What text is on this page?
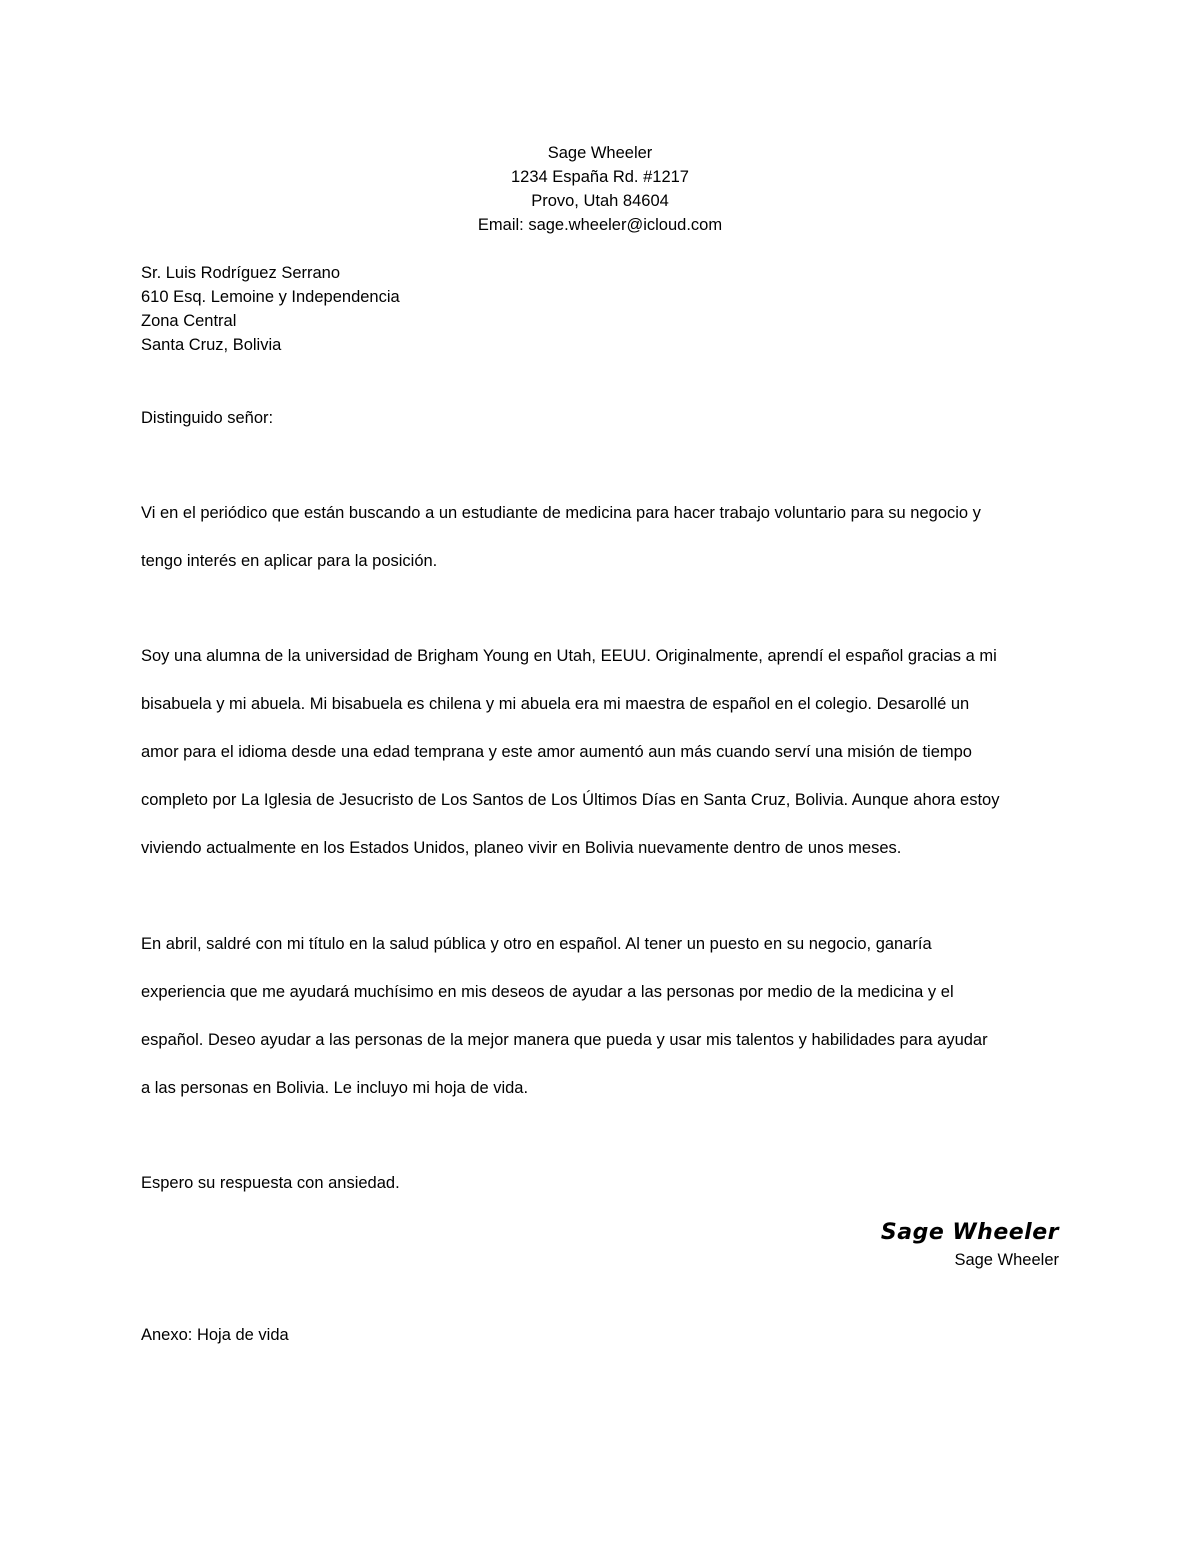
Sage Wheeler
1234 España Rd. #1217
Provo, Utah 84604
Email: sage.wheeler@icloud.com
Sr. Luis Rodríguez Serrano
610 Esq. Lemoine y Independencia
Zona Central
Santa Cruz, Bolivia
Distinguido señor:
Vi en el periódico que están buscando a un estudiante de medicina para hacer trabajo voluntario para su negocio y
tengo interés en aplicar para la posición.
Soy una alumna de la universidad de Brigham Young en Utah, EEUU. Originalmente, aprendí el español gracias a mi
bisabuela y mi abuela. Mi bisabuela es chilena y mi abuela era mi maestra de español en el colegio. Desarollé un
amor para el idioma desde una edad temprana y este amor aumentó aun más cuando serví una misión de tiempo
completo por La Iglesia de Jesucristo de Los Santos de Los Últimos Días en Santa Cruz, Bolivia. Aunque ahora estoy
viviendo actualmente en los Estados Unidos, planeo vivir en Bolivia nuevamente dentro de unos meses.
En abril, saldré con mi título en la salud pública y otro en español. Al tener un puesto en su negocio, ganaría
experiencia que me ayudará muchísimo en mis deseos de ayudar a las personas por medio de la medicina y el
español. Deseo ayudar a las personas de la mejor manera que pueda y usar mis talentos y habilidades para ayudar
a las personas en Bolivia. Le incluyo mi hoja de vida.
Espero su respuesta con ansiedad.
Sage Wheeler
Sage Wheeler
Anexo: Hoja de vida
